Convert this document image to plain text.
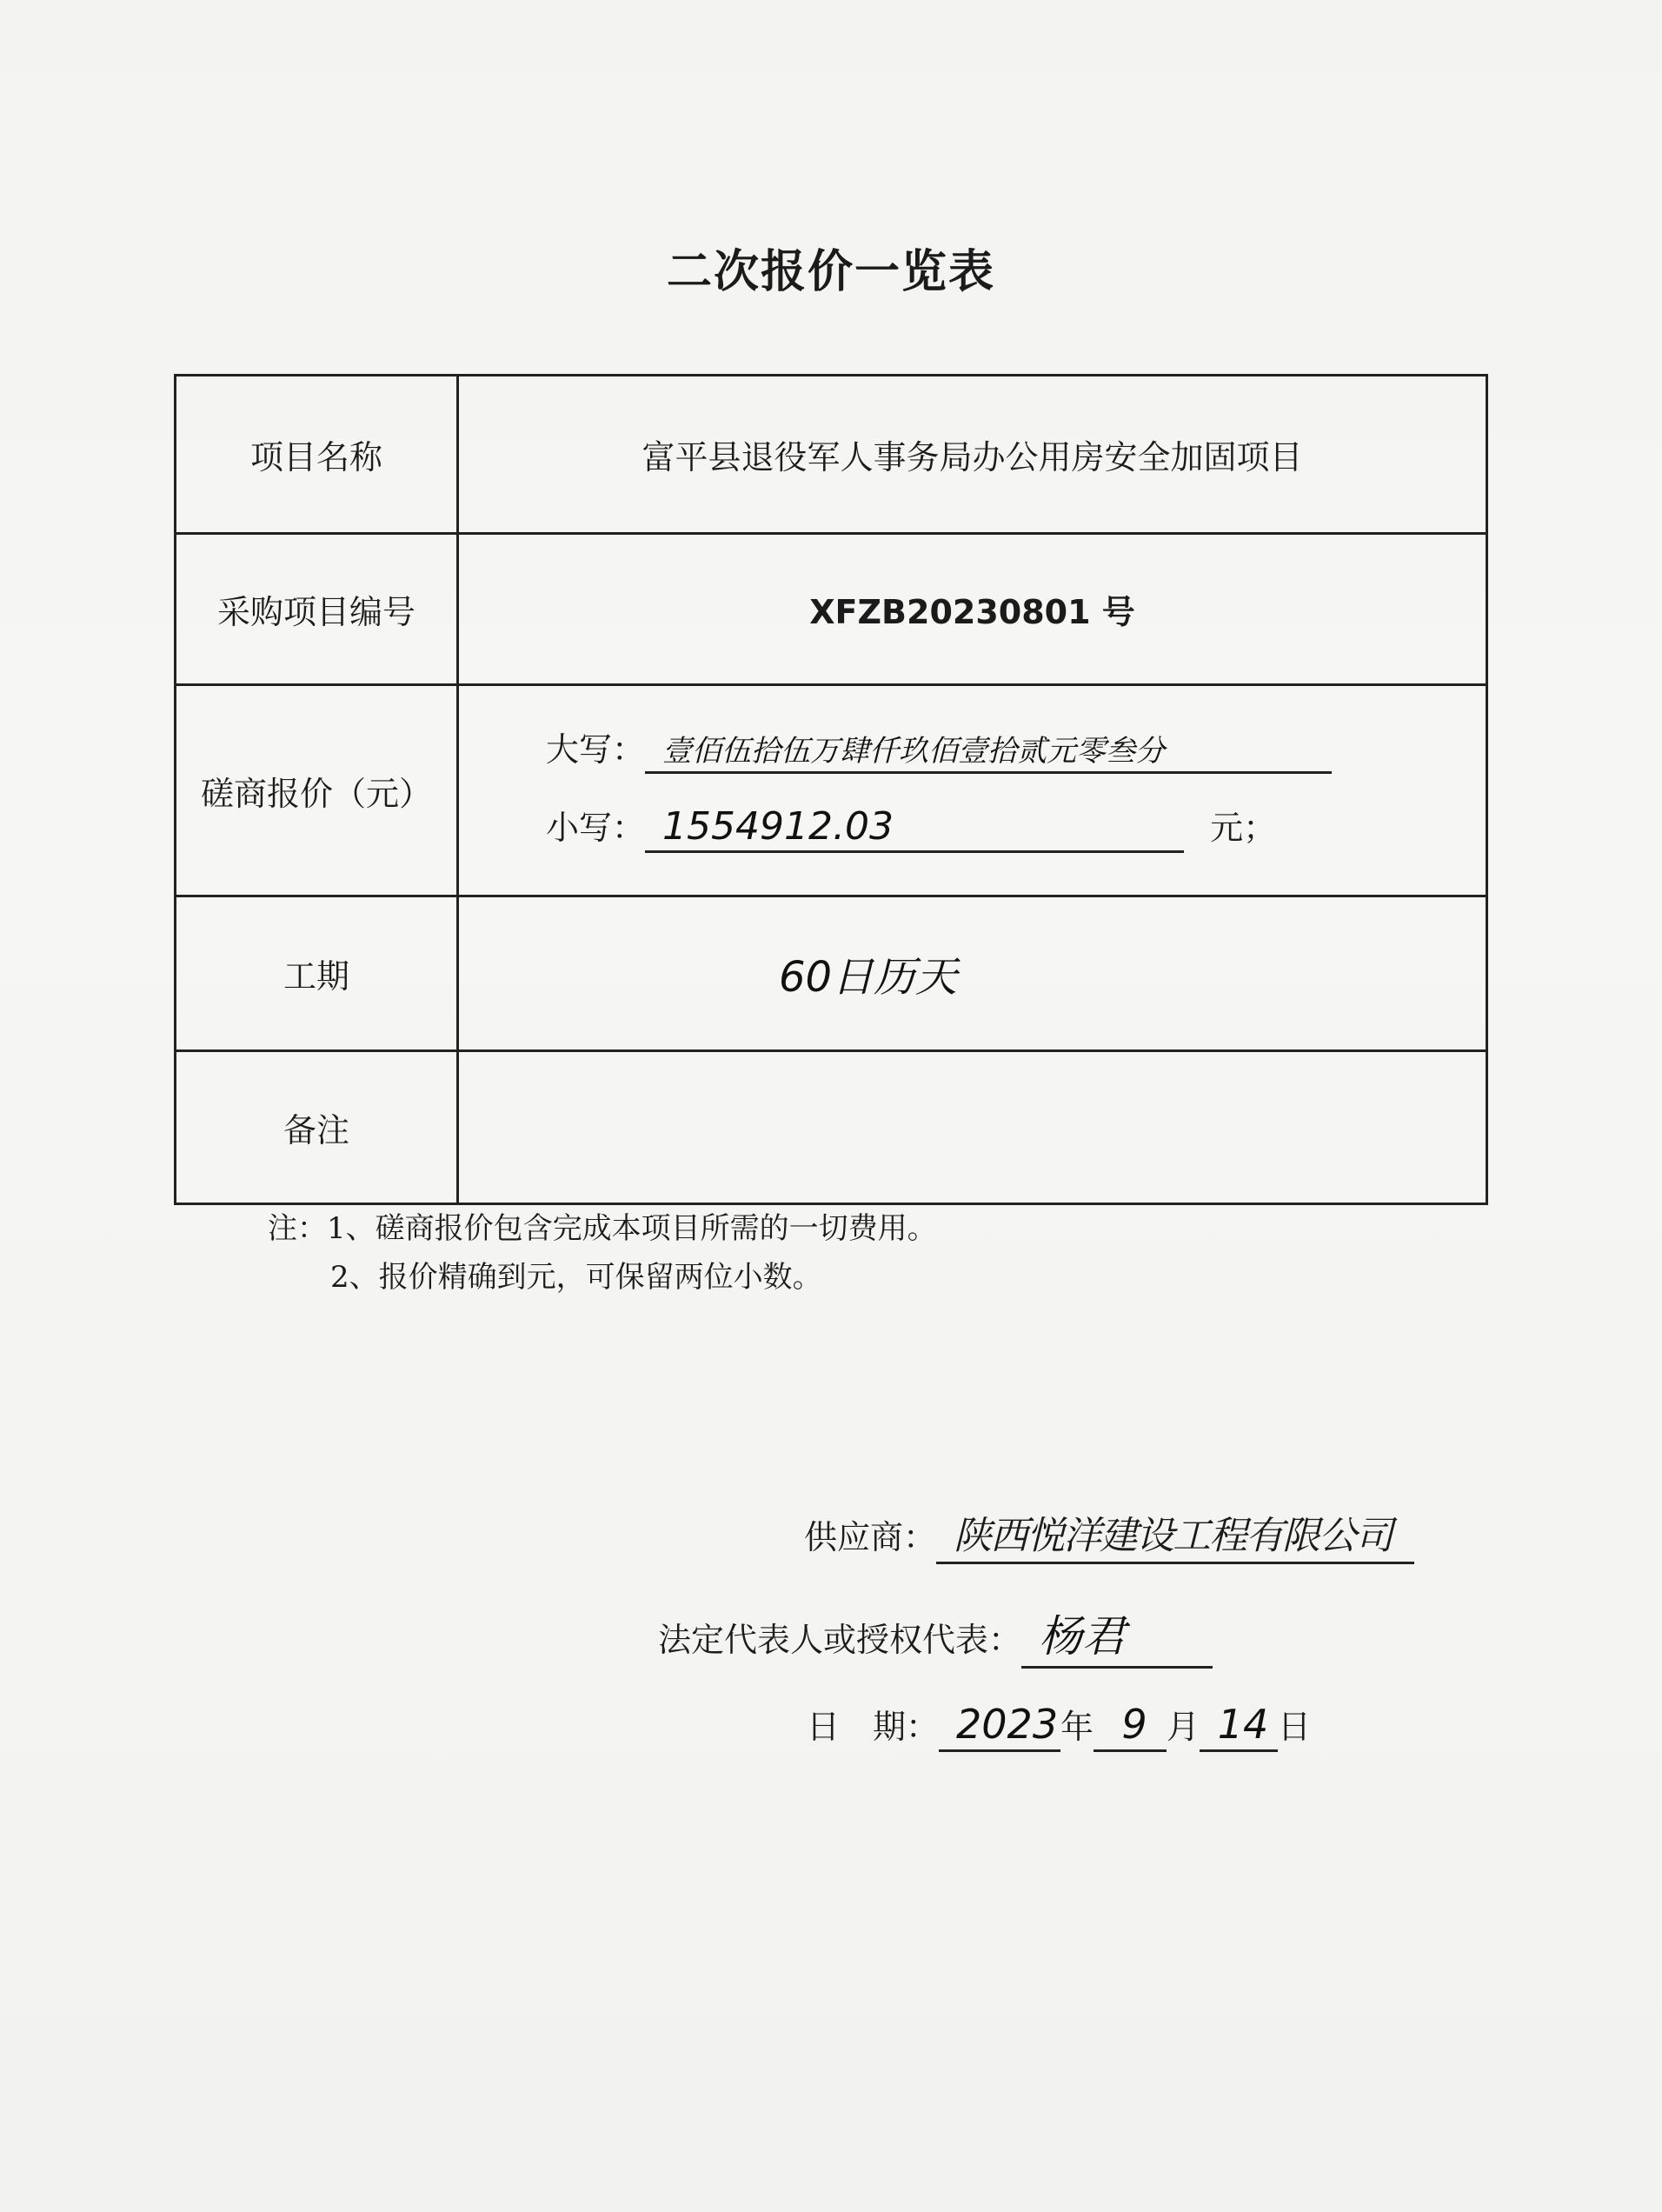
二次报价一览表
项目名称	富平县退役军人事务局办公用房安全加固项目
采购项目编号	XFZB20230801 号
磋商报价（元）	大写： 壹佰伍拾伍万肆仟玖佰壹拾贰元零叁分
小写： 1554912.03 元；

工期	60日历天
备注	
注：1、磋商报价包含完成本项目所需的一切费用。
2、报价精确到元，可保留两位小数。
供应商： 陕西悦洋建设工程有限公司
法定代表人或授权代表： 杨君
日　期： 2023年 9 月 14 日
